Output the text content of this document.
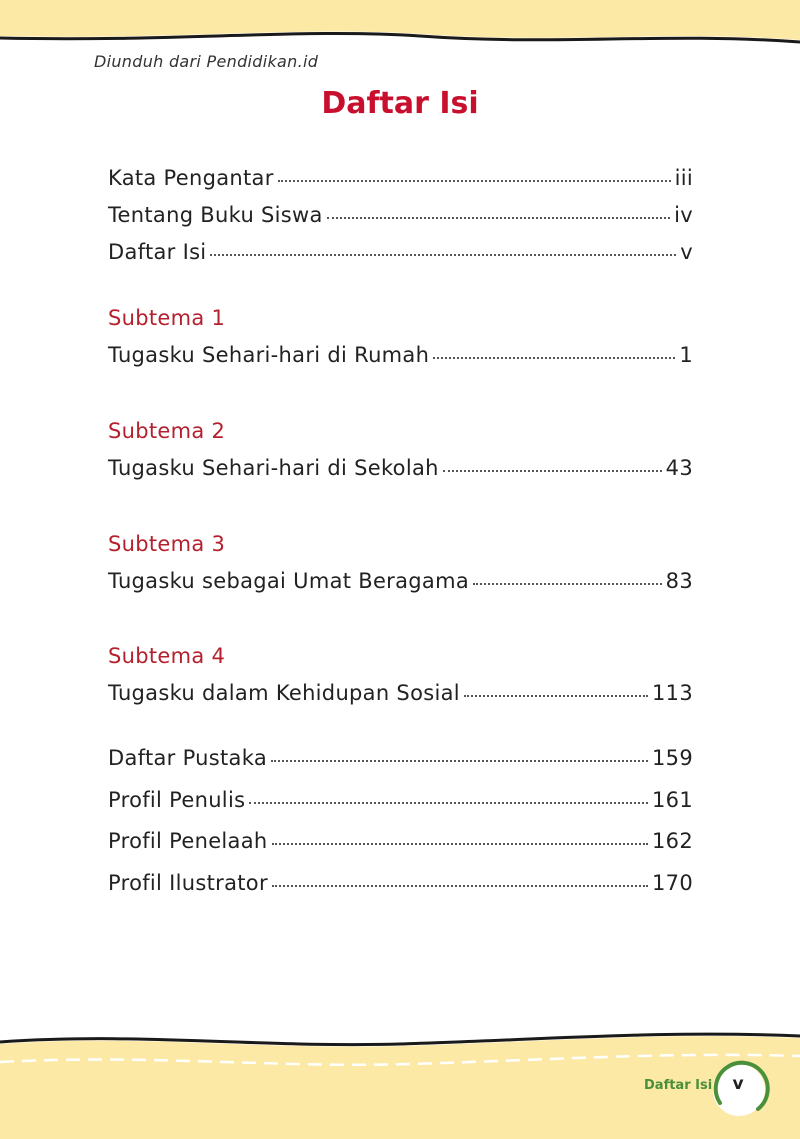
Diunduh dari Pendidikan.id
Daftar Isi
Kata Pengantar	iii
Tentang Buku Siswa	iv
Daftar Isi	v
Subtema 1
Tugasku Sehari-hari di Rumah	1
Subtema 2
Tugasku Sehari-hari di Sekolah	43
Subtema 3
Tugasku sebagai Umat Beragama	83
Subtema 4
Tugasku dalam Kehidupan Sosial	113
Daftar Pustaka	159
Profil Penulis	161
Profil Penelaah	162
Profil Ilustrator	170
Daftar Isi	v
